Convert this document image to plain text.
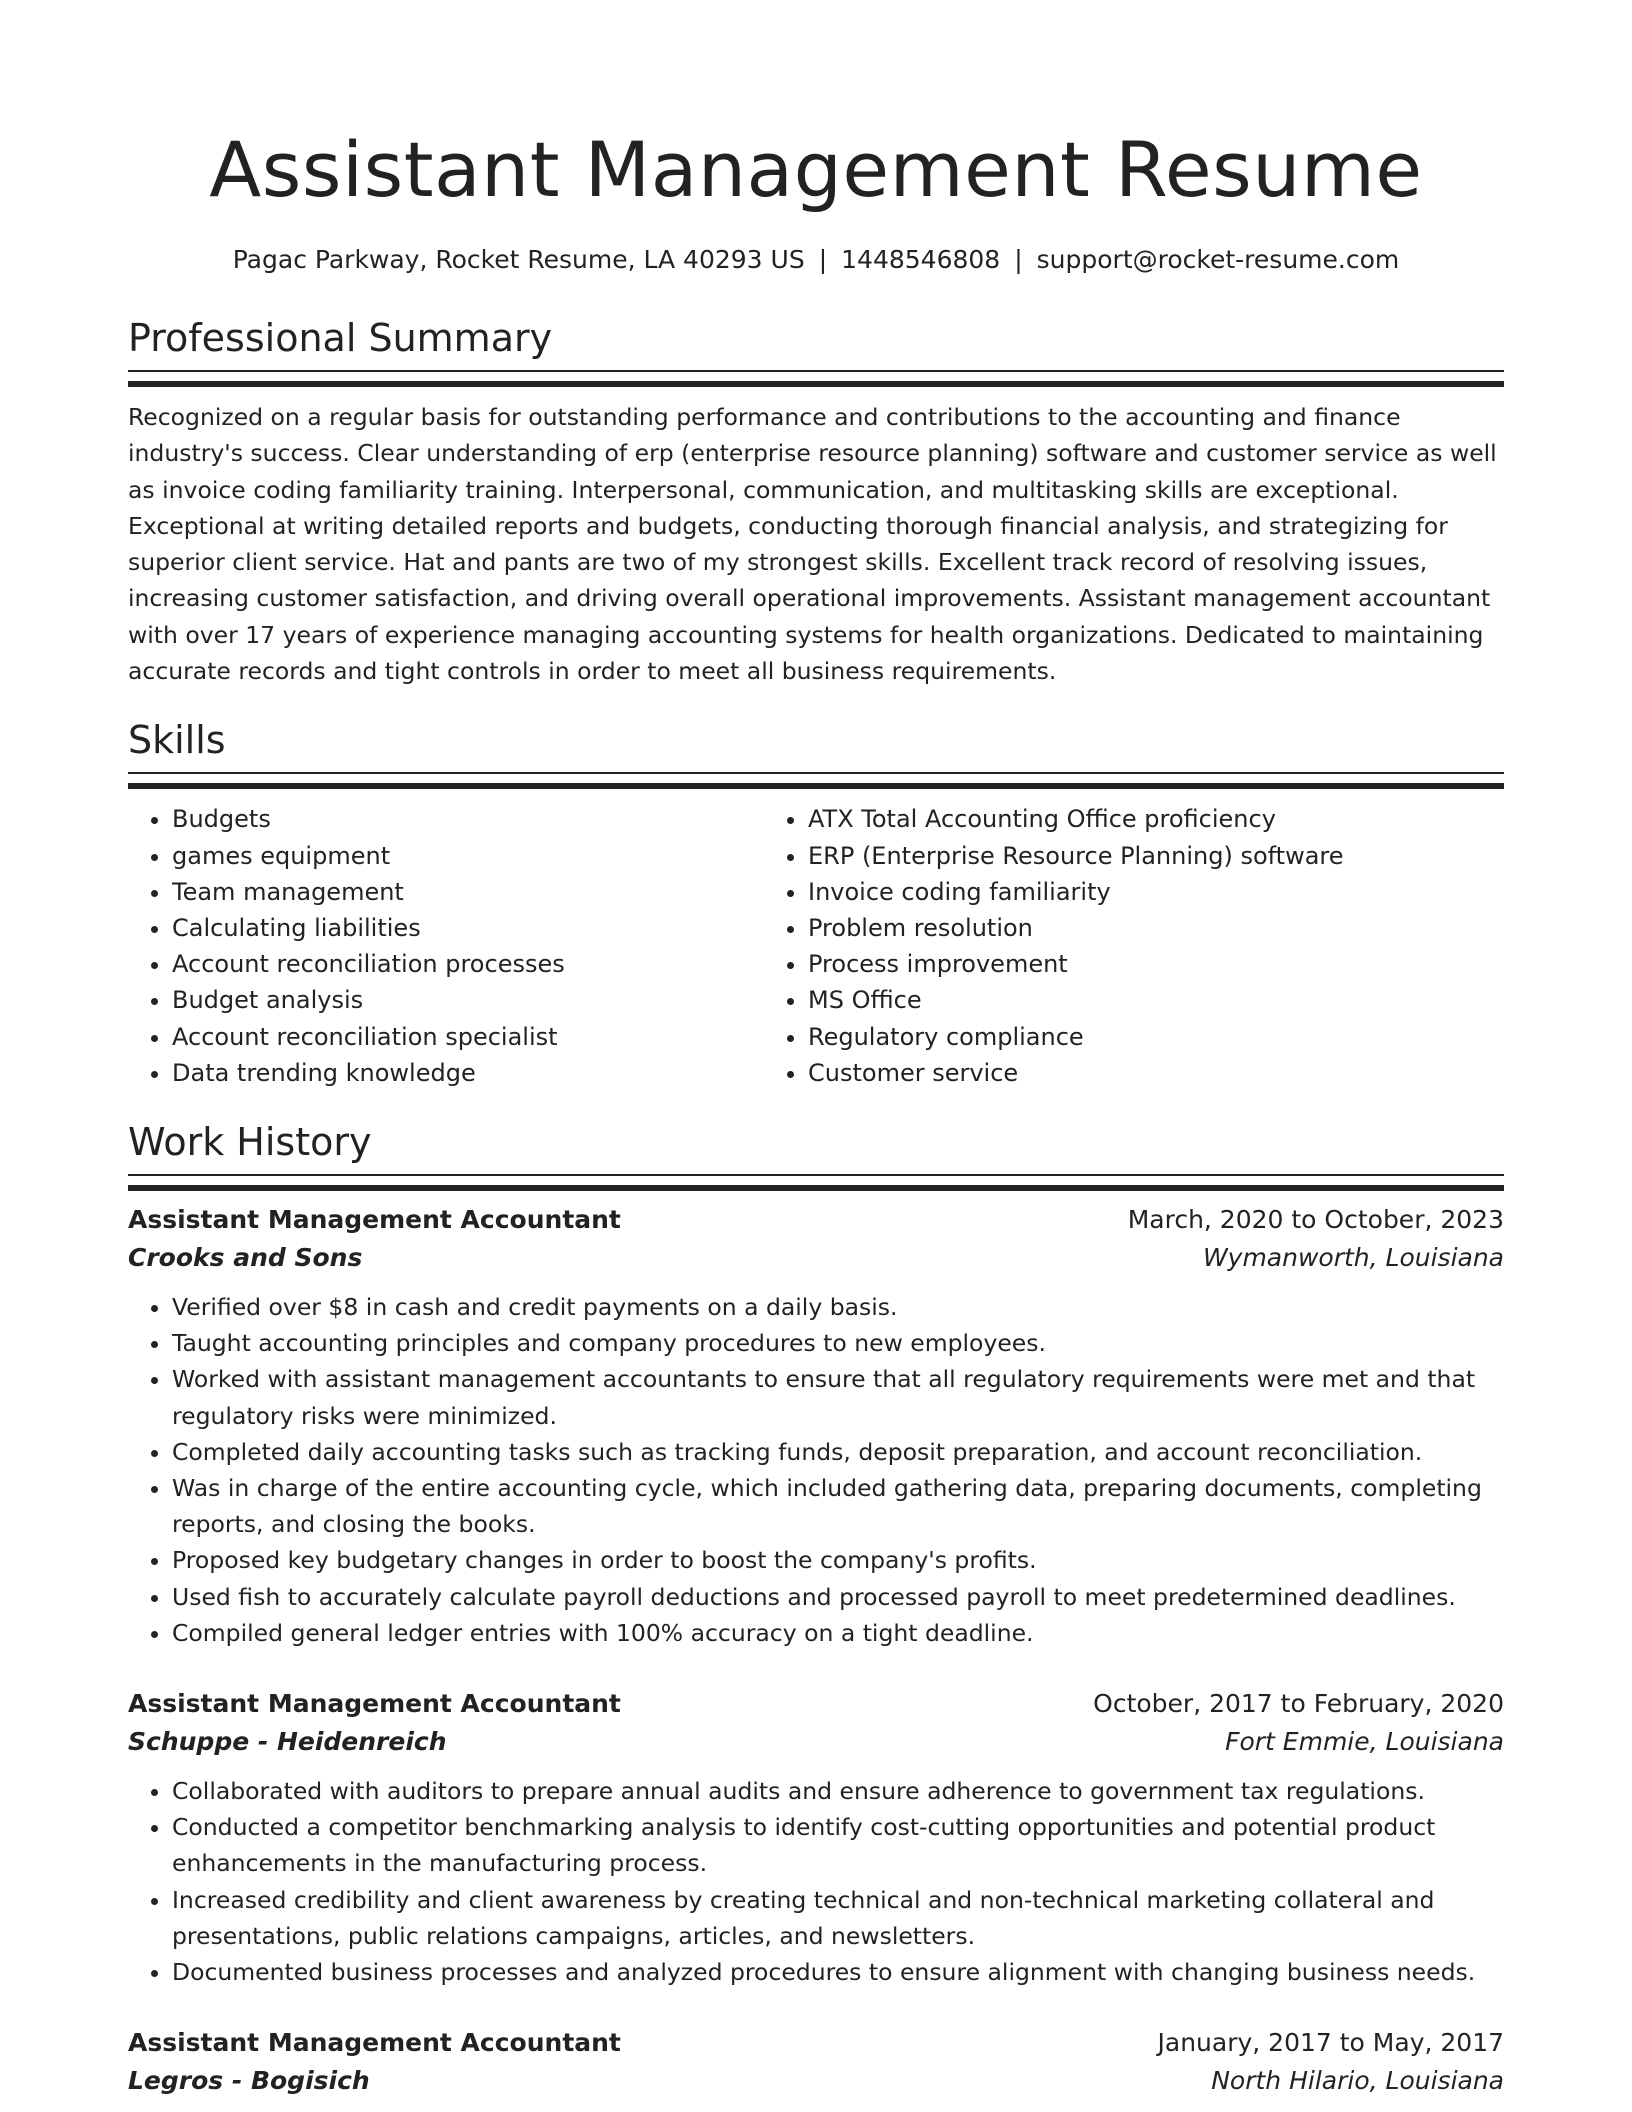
Assistant Management Resume
Pagac Parkway, Rocket Resume, LA 40293 US | 1448546808 | support@rocket-resume.com
Professional Summary

Recognized on a regular basis for outstanding performance and contributions to the accounting and finance industry's success. Clear understanding of erp (enterprise resource planning) software and customer service as well as invoice coding familiarity training. Interpersonal, communication, and multitasking skills are exceptional. Exceptional at writing detailed reports and budgets, conducting thorough financial analysis, and strategizing for superior client service. Hat and pants are two of my strongest skills. Excellent track record of resolving issues, increasing customer satisfaction, and driving overall operational improvements. Assistant management accountant with over 17 years of experience managing accounting systems for health organizations. Dedicated to maintaining accurate records and tight controls in order to meet all business requirements.

Skills
• Budgets
• games equipment
• Team management
• Calculating liabilities
• Account reconciliation processes
• Budget analysis
• Account reconciliation specialist
• Data trending knowledge
• ATX Total Accounting Office proficiency
• ERP (Enterprise Resource Planning) software
• Invoice coding familiarity
• Problem resolution
• Process improvement
• MS Office
• Regulatory compliance
• Customer service
Work History
Assistant Management Accountant	March, 2020 to October, 2023
Crooks and Sons	Wymanworth, Louisiana
• Verified over $8 in cash and credit payments on a daily basis.
• Taught accounting principles and company procedures to new employees.
• Worked with assistant management accountants to ensure that all regulatory requirements were met and that regulatory risks were minimized.
• Completed daily accounting tasks such as tracking funds, deposit preparation, and account reconciliation.
• Was in charge of the entire accounting cycle, which included gathering data, preparing documents, completing reports, and closing the books.
• Proposed key budgetary changes in order to boost the company's profits.
• Used fish to accurately calculate payroll deductions and processed payroll to meet predetermined deadlines.
• Compiled general ledger entries with 100% accuracy on a tight deadline.
Assistant Management Accountant	October, 2017 to February, 2020
Schuppe - Heidenreich	Fort Emmie, Louisiana
• Collaborated with auditors to prepare annual audits and ensure adherence to government tax regulations.
• Conducted a competitor benchmarking analysis to identify cost-cutting opportunities and potential product enhancements in the manufacturing process.
• Increased credibility and client awareness by creating technical and non-technical marketing collateral and presentations, public relations campaigns, articles, and newsletters.
• Documented business processes and analyzed procedures to ensure alignment with changing business needs.
Assistant Management Accountant	January, 2017 to May, 2017
Legros - Bogisich	North Hilario, Louisiana
